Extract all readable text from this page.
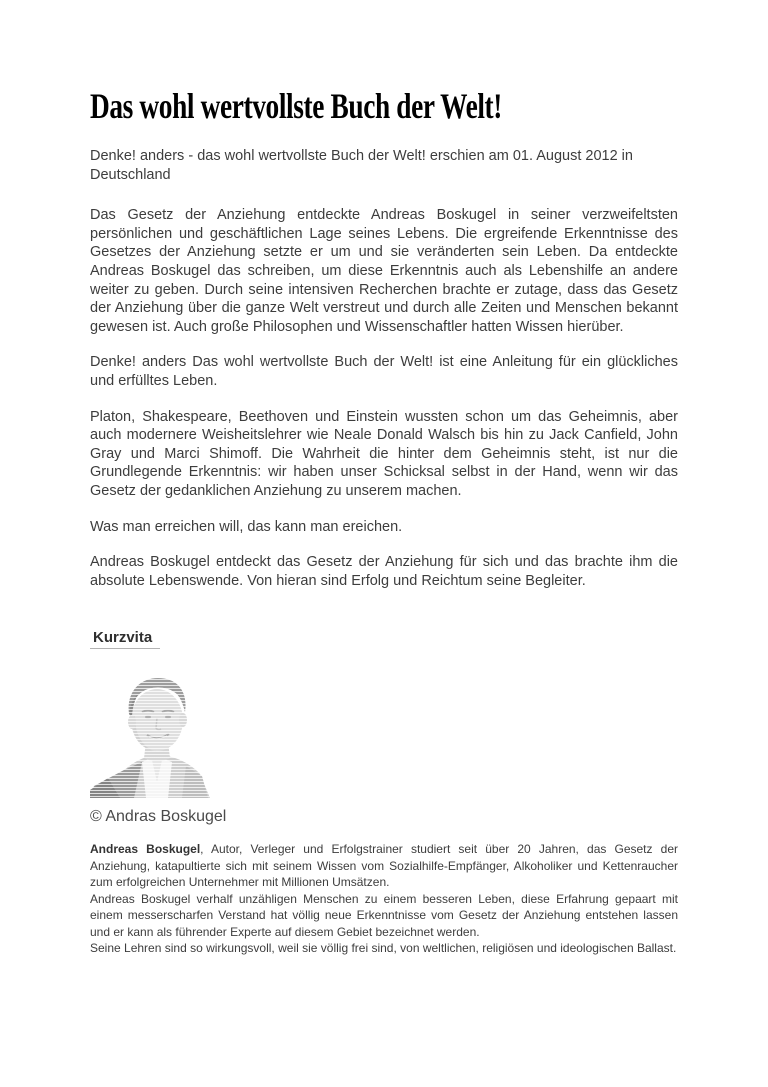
Das wohl wertvollste Buch der Welt!

Denke! anders - das wohl wertvollste Buch der Welt! erschien am 01. August 2012 in Deutschland

Das Gesetz der Anziehung entdeckte Andreas Boskugel in seiner verzweifeltsten persönlichen und geschäftlichen Lage seines Lebens. Die ergreifende Erkenntnisse des Gesetzes der Anziehung setzte er um und sie veränderten sein Leben. Da entdeckte Andreas Boskugel das schreiben, um diese Erkenntnis auch als Lebenshilfe an andere weiter zu geben. Durch seine intensiven Recherchen brachte er zutage, dass das Gesetz der Anziehung über die ganze Welt verstreut und durch alle Zeiten und Menschen bekannt gewesen ist. Auch große Philosophen und Wissenschaftler hatten Wissen hierüber.

Denke! anders Das wohl wertvollste Buch der Welt! ist eine Anleitung für ein glückliches und erfülltes Leben.

Platon, Shakespeare, Beethoven und Einstein wussten schon um das Geheimnis, aber auch modernere Weisheitslehrer wie Neale Donald Walsch bis hin zu Jack Canfield, John Gray und Marci Shimoff. Die Wahrheit die hinter dem Geheimnis steht, ist nur die Grundlegende Erkenntnis: wir haben unser Schicksal selbst in der Hand, wenn wir das Gesetz der gedanklichen Anziehung zu unserem machen.

Was man erreichen will, das kann man ereichen.

Andreas Boskugel entdeckt das Gesetz der Anziehung für sich und das brachte ihm die absolute Lebenswende. Von hieran sind Erfolg und Reichtum seine Begleiter.

Kurzvita

© Andras Boskugel

Andreas Boskugel, Autor, Verleger und Erfolgstrainer studiert seit über 20 Jahren, das Gesetz der Anziehung, katapultierte sich mit seinem Wissen vom Sozialhilfe-Empfänger, Alkoholiker und Kettenraucher zum erfolgreichen Unternehmer mit Millionen Umsätzen.

Andreas Boskugel verhalf unzähligen Menschen zu einem besseren Leben, diese Erfahrung gepaart mit einem messerscharfen Verstand hat völlig neue Erkenntnisse vom Gesetz der Anziehung entstehen lassen und er kann als führender Experte auf diesem Gebiet bezeichnet werden.

Seine Lehren sind so wirkungsvoll, weil sie völlig frei sind, von weltlichen, religiösen und ideologischen Ballast.
